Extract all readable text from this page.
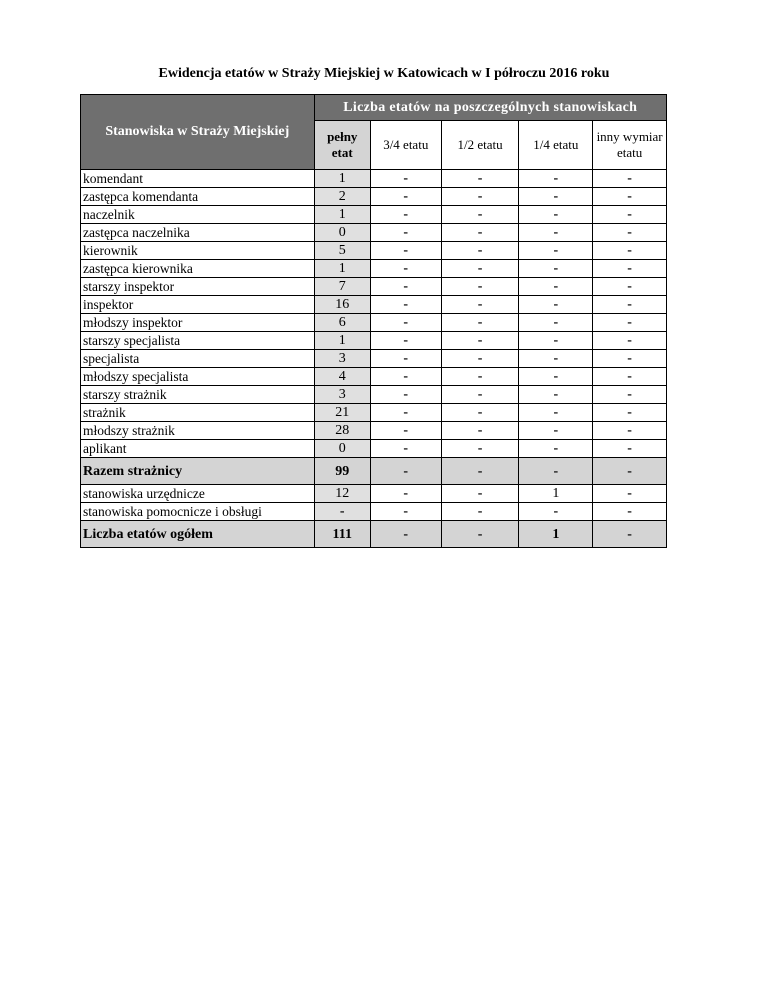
Ewidencja etatów w Straży Miejskiej w Katowicach w I półroczu 2016 roku
Stanowiska w Straży Miejskiej	Liczba etatów na poszczególnych stanowiskach				
	pełny etat	3/4 etatu	1/2 etatu	1/4 etatu	inny wymiar etatu
komendant	1	-	-	-	-
zastępca komendanta	2	-	-	-	-
naczelnik	1	-	-	-	-
zastępca naczelnika	0	-	-	-	-
kierownik	5	-	-	-	-
zastępca kierownika	1	-	-	-	-
starszy inspektor	7	-	-	-	-
inspektor	16	-	-	-	-
młodszy inspektor	6	-	-	-	-
starszy specjalista	1	-	-	-	-
specjalista	3	-	-	-	-
młodszy specjalista	4	-	-	-	-
starszy strażnik	3	-	-	-	-
strażnik	21	-	-	-	-
młodszy strażnik	28	-	-	-	-
aplikant	0	-	-	-	-
Razem strażnicy	99	-	-	-	-
stanowiska urzędnicze	12	-	-	1	-
stanowiska pomocnicze i obsługi	-	-	-	-	-
Liczba etatów ogółem	111	-	-	1	-
